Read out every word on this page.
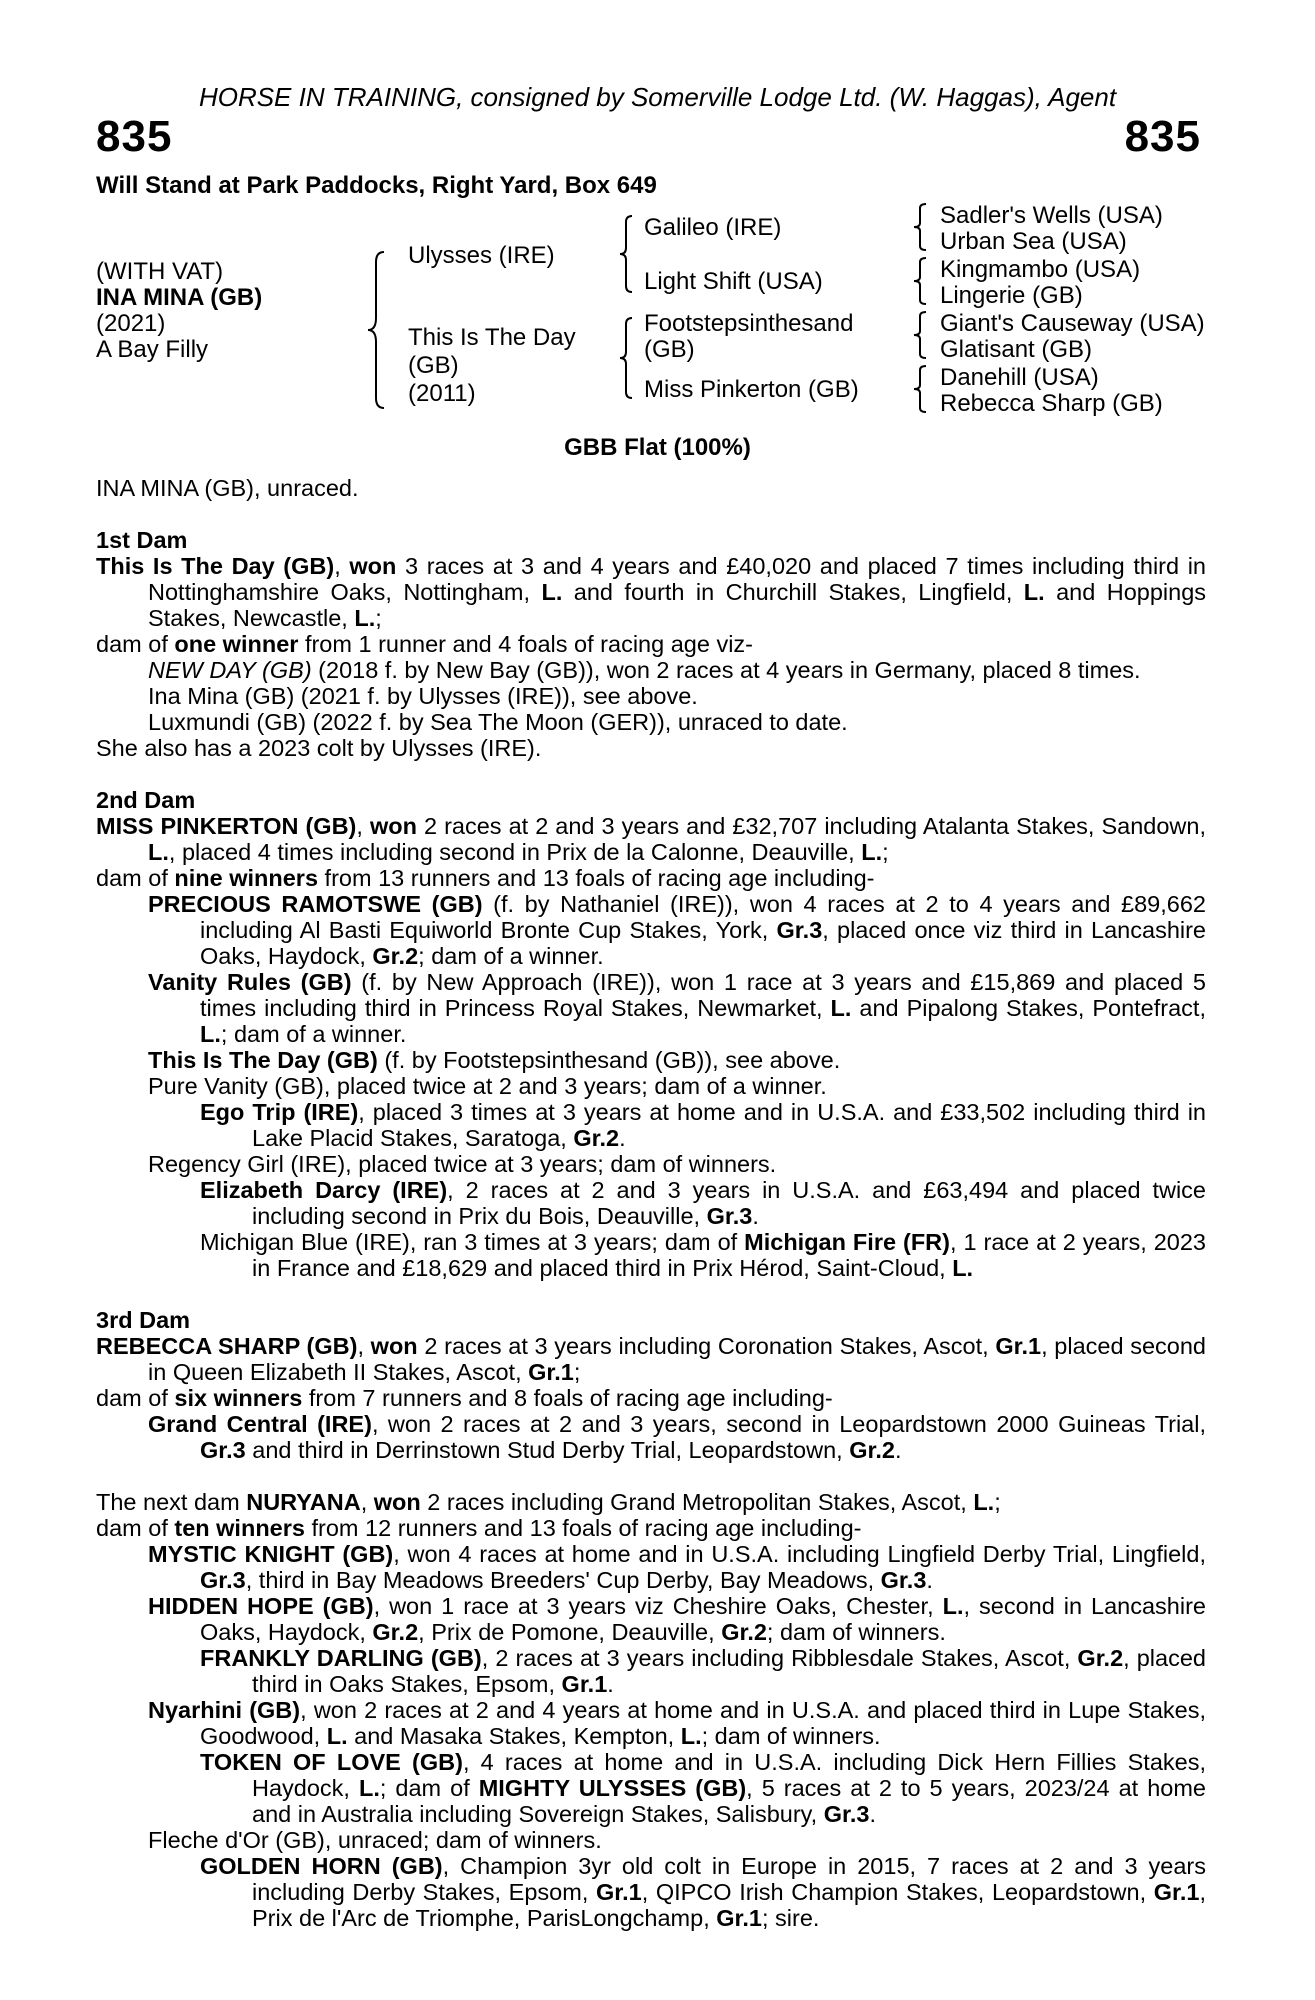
HORSE IN TRAINING, consigned by Somerville Lodge Ltd. (W. Haggas), Agent
835	835
Will Stand at Park Paddocks, Right Yard, Box 649
(WITH VAT)
INA MINA (GB)
(2021)
A Bay Filly
Ulysses (IRE)
This Is The Day
(GB)
(2011)
Galileo (IRE)
Light Shift (USA)
Footstepsinthesand
(GB)
Miss Pinkerton (GB)
Sadler's Wells (USA)
Urban Sea (USA)
Kingmambo (USA)
Lingerie (GB)
Giant's Causeway (USA)
Glatisant (GB)
Danehill (USA)
Rebecca Sharp (GB)
GBB Flat (100%)
INA MINA (GB), unraced.
1st Dam
This Is The Day (GB), won 3 races at 3 and 4 years and £40,020 and placed 7 times including third in Nottinghamshire Oaks, Nottingham, L. and fourth in Churchill Stakes, Lingfield, L. and Hoppings Stakes, Newcastle, L.;
dam of one winner from 1 runner and 4 foals of racing age viz-
NEW DAY (GB) (2018 f. by New Bay (GB)), won 2 races at 4 years in Germany, placed 8 times.
Ina Mina (GB) (2021 f. by Ulysses (IRE)), see above.
Luxmundi (GB) (2022 f. by Sea The Moon (GER)), unraced to date.
She also has a 2023 colt by Ulysses (IRE).
2nd Dam
MISS PINKERTON (GB), won 2 races at 2 and 3 years and £32,707 including Atalanta Stakes, Sandown, L., placed 4 times including second in Prix de la Calonne, Deauville, L.;
dam of nine winners from 13 runners and 13 foals of racing age including-
PRECIOUS RAMOTSWE (GB) (f. by Nathaniel (IRE)), won 4 races at 2 to 4 years and £89,662 including Al Basti Equiworld Bronte Cup Stakes, York, Gr.3, placed once viz third in Lancashire Oaks, Haydock, Gr.2; dam of a winner.
Vanity Rules (GB) (f. by New Approach (IRE)), won 1 race at 3 years and £15,869 and placed 5 times including third in Princess Royal Stakes, Newmarket, L. and Pipalong Stakes, Pontefract, L.; dam of a winner.
This Is The Day (GB) (f. by Footstepsinthesand (GB)), see above.
Pure Vanity (GB), placed twice at 2 and 3 years; dam of a winner.
Ego Trip (IRE), placed 3 times at 3 years at home and in U.S.A. and £33,502 including third in Lake Placid Stakes, Saratoga, Gr.2.
Regency Girl (IRE), placed twice at 3 years; dam of winners.
Elizabeth Darcy (IRE), 2 races at 2 and 3 years in U.S.A. and £63,494 and placed twice including second in Prix du Bois, Deauville, Gr.3.
Michigan Blue (IRE), ran 3 times at 3 years; dam of Michigan Fire (FR), 1 race at 2 years, 2023 in France and £18,629 and placed third in Prix Hérod, Saint-Cloud, L.
3rd Dam
REBECCA SHARP (GB), won 2 races at 3 years including Coronation Stakes, Ascot, Gr.1, placed second in Queen Elizabeth II Stakes, Ascot, Gr.1;
dam of six winners from 7 runners and 8 foals of racing age including-
Grand Central (IRE), won 2 races at 2 and 3 years, second in Leopardstown 2000 Guineas Trial, Gr.3 and third in Derrinstown Stud Derby Trial, Leopardstown, Gr.2.
The next dam NURYANA, won 2 races including Grand Metropolitan Stakes, Ascot, L.;
dam of ten winners from 12 runners and 13 foals of racing age including-
MYSTIC KNIGHT (GB), won 4 races at home and in U.S.A. including Lingfield Derby Trial, Lingfield, Gr.3, third in Bay Meadows Breeders' Cup Derby, Bay Meadows, Gr.3.
HIDDEN HOPE (GB), won 1 race at 3 years viz Cheshire Oaks, Chester, L., second in Lancashire Oaks, Haydock, Gr.2, Prix de Pomone, Deauville, Gr.2; dam of winners.
FRANKLY DARLING (GB), 2 races at 3 years including Ribblesdale Stakes, Ascot, Gr.2, placed third in Oaks Stakes, Epsom, Gr.1.
Nyarhini (GB), won 2 races at 2 and 4 years at home and in U.S.A. and placed third in Lupe Stakes, Goodwood, L. and Masaka Stakes, Kempton, L.; dam of winners.
TOKEN OF LOVE (GB), 4 races at home and in U.S.A. including Dick Hern Fillies Stakes, Haydock, L.; dam of MIGHTY ULYSSES (GB), 5 races at 2 to 5 years, 2023/24 at home and in Australia including Sovereign Stakes, Salisbury, Gr.3.
Fleche d'Or (GB), unraced; dam of winners.
GOLDEN HORN (GB), Champion 3yr old colt in Europe in 2015, 7 races at 2 and 3 years including Derby Stakes, Epsom, Gr.1, QIPCO Irish Champion Stakes, Leopardstown, Gr.1, Prix de l'Arc de Triomphe, ParisLongchamp, Gr.1; sire.
